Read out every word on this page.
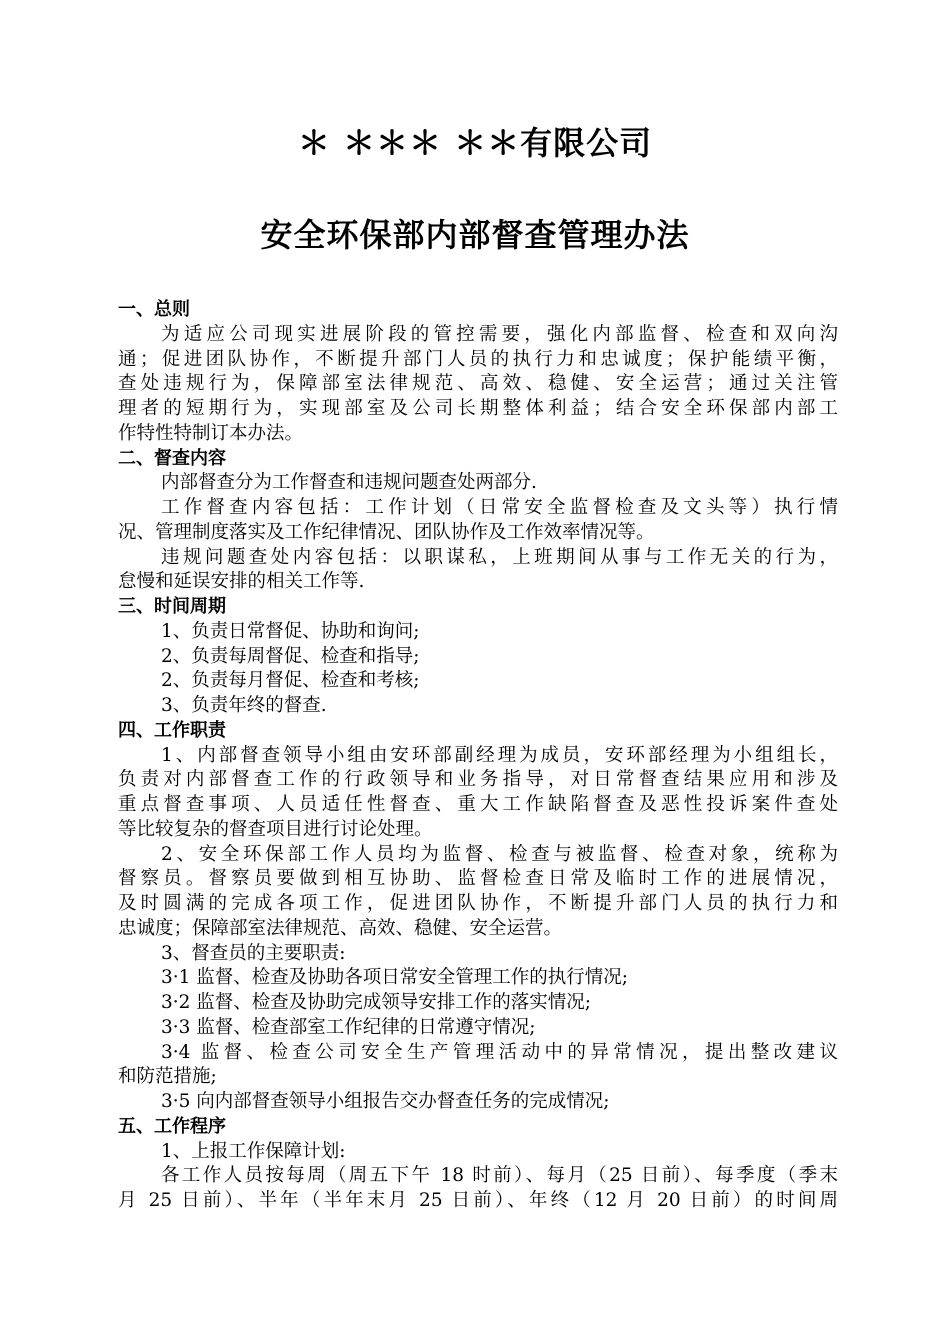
＊ ＊＊＊ ＊＊有限公司
安全环保部内部督查管理办法
一、总则
为适应公司现实进展阶段的管控需要，强化内部监督、检查和双向沟
通；促进团队协作，不断提升部门人员的执行力和忠诚度；保护能绩平衡，
查处违规行为，保障部室法律规范、高效、稳健、安全运营；通过关注管
理者的短期行为，实现部室及公司长期整体利益；结合安全环保部内部工
作特性特制订本办法。
二、督查内容
内部督查分为工作督查和违规问题查处两部分.
工作督查内容包括：工作计划（日常安全监督检查及文头等）执行情
况、管理制度落实及工作纪律情况、团队协作及工作效率情况等。
违规问题查处内容包括：以职谋私，上班期间从事与工作无关的行为，
怠慢和延误安排的相关工作等.
三、时间周期
1、负责日常督促、协助和询问;
2、负责每周督促、检查和指导;
2、负责每月督促、检查和考核;
3、负责年终的督查.
四、工作职责
1、内部督查领导小组由安环部副经理为成员，安环部经理为小组组长，
负责对内部督查工作的行政领导和业务指导，对日常督查结果应用和涉及
重点督查事项、人员适任性督查、重大工作缺陷督查及恶性投诉案件查处
等比较复杂的督查项目进行讨论处理。
2、安全环保部工作人员均为监督、检查与被监督、检查对象，统称为
督察员。督察员要做到相互协助、监督检查日常及临时工作的进展情况，
及时圆满的完成各项工作，促进团队协作，不断提升部门人员的执行力和
忠诚度；保障部室法律规范、高效、稳健、安全运营。
3、督查员的主要职责:
3·1 监督、检查及协助各项日常安全管理工作的执行情况;
3·2 监督、检查及协助完成领导安排工作的落实情况;
3·3 监督、检查部室工作纪律的日常遵守情况;
3·4 监督、检查公司安全生产管理活动中的异常情况，提出整改建议
和防范措施;
3·5 向内部督查领导小组报告交办督查任务的完成情况;
五、工作程序
1、上报工作保障计划:
各工作人员按每周（周五下午 18 时前）、每月（25 日前）、每季度（季末
月 25 日前）、半年（半年末月 25 日前）、年终（12 月 20 日前）的时间周
